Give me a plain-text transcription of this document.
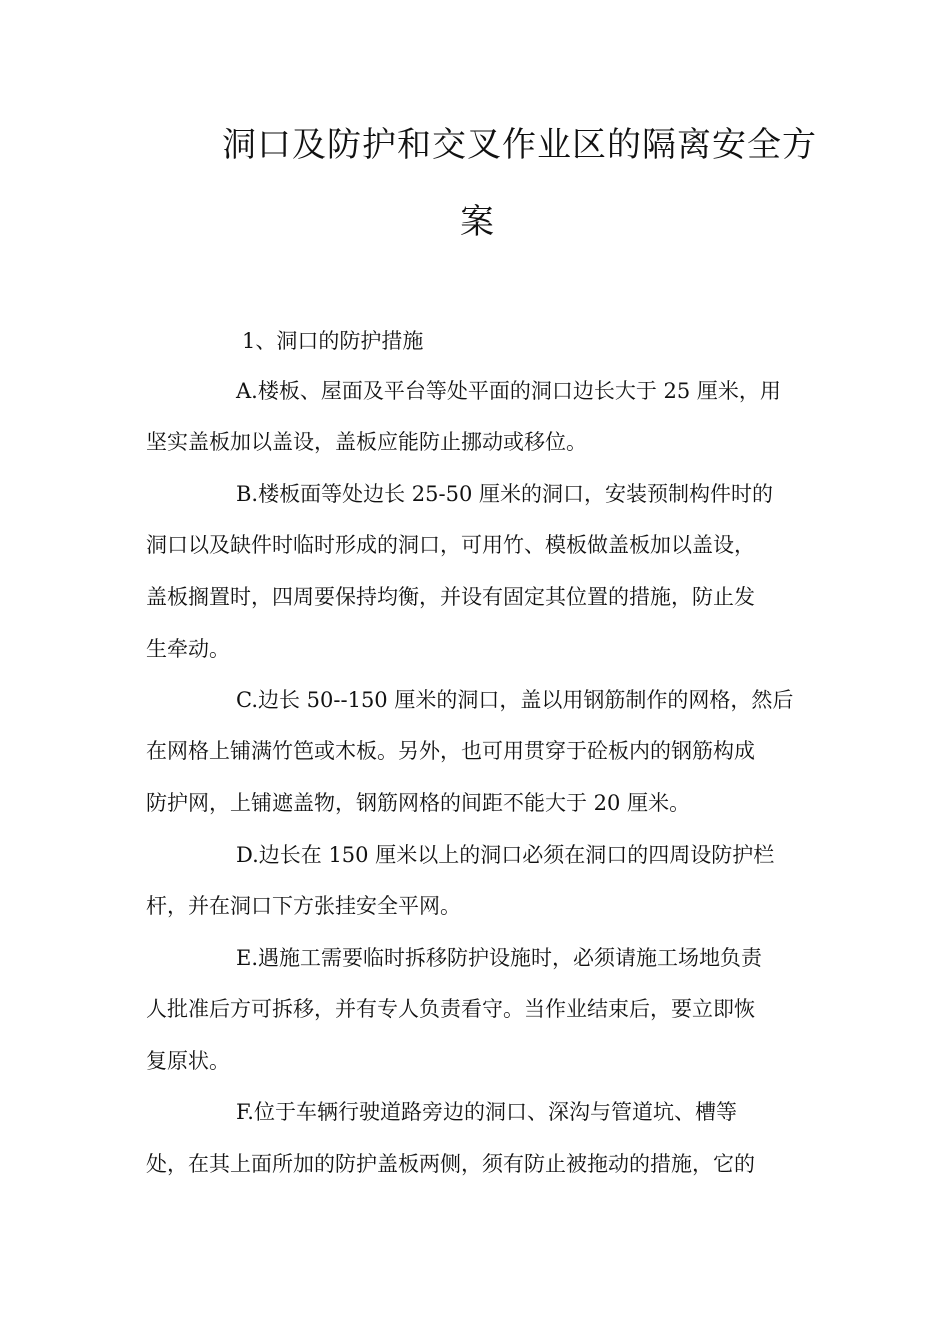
洞口及防护和交叉作业区的隔离安全方
案
1、洞口的防护措施
A.楼板、屋面及平台等处平面的洞口边长大于 25 厘米，用
坚实盖板加以盖设，盖板应能防止挪动或移位。
B.楼板面等处边长 25-50 厘米的洞口，安装预制构件时的
洞口以及缺件时临时形成的洞口，可用竹、模板做盖板加以盖设，
盖板搁置时，四周要保持均衡，并设有固定其位置的措施，防止发
生牵动。
C.边长 50--150 厘米的洞口，盖以用钢筋制作的网格，然后
在网格上铺满竹笆或木板。另外，也可用贯穿于砼板内的钢筋构成
防护网，上铺遮盖物，钢筋网格的间距不能大于 20 厘米。
D.边长在 150 厘米以上的洞口必须在洞口的四周设防护栏
杆，并在洞口下方张挂安全平网。
E.遇施工需要临时拆移防护设施时，必须请施工场地负责
人批准后方可拆移，并有专人负责看守。当作业结束后，要立即恢
复原状。
F.位于车辆行驶道路旁边的洞口、深沟与管道坑、槽等
处，在其上面所加的防护盖板两侧，须有防止被拖动的措施，它的
